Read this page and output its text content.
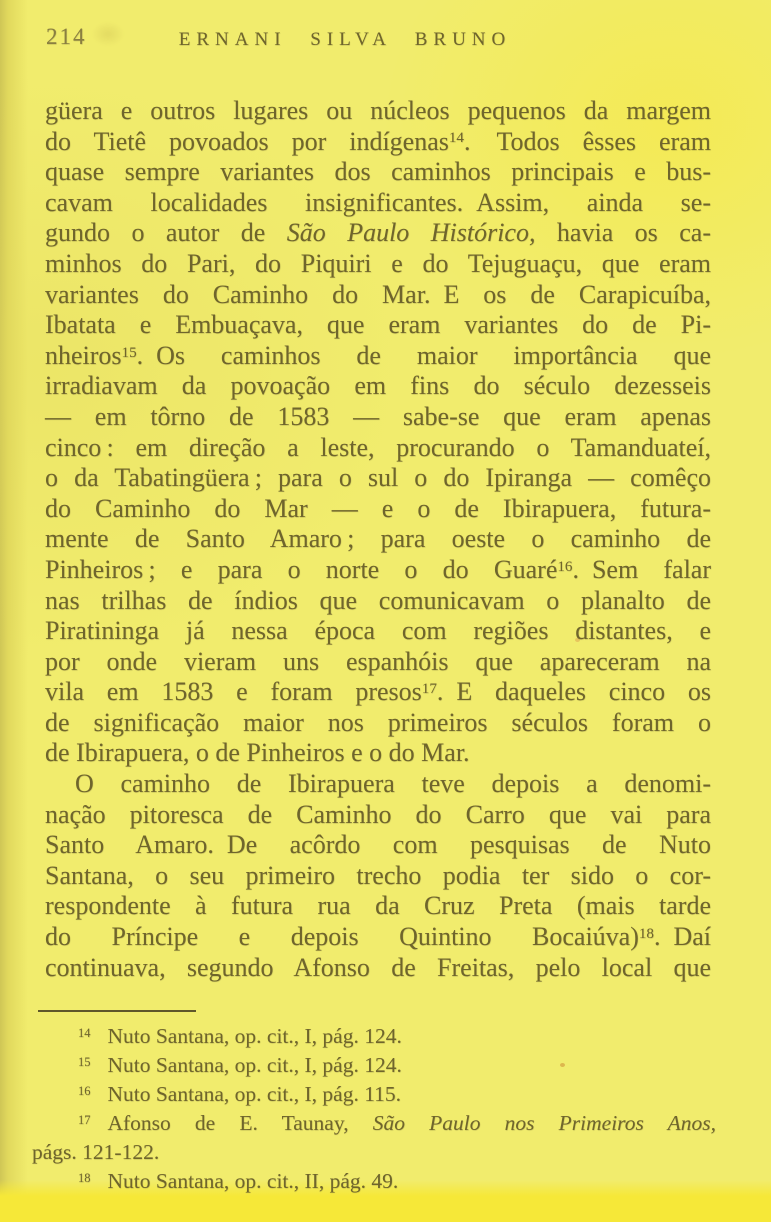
214	ERNANI SILVA BRUNO
güera e outros lugares ou núcleos pequenos da margem
do Tietê povoados por indígenas$^{14}$. Todos êsses eram
quase sempre variantes dos caminhos principais e bus-
cavam localidades insignificantes. Assim, ainda se-
gundo o autor de São Paulo Histórico, havia os ca-
minhos do Pari, do Piquiri e do Tejuguaçu, que eram
variantes do Caminho do Mar. E os de Carapicuíba,
Ibatata e Embuaçava, que eram variantes do de Pi-
nheiros$^{15}$. Os caminhos de maior importância que
irradiavam da povoação em fins do século dezesseis
— em tôrno de 1583 — sabe-se que eram apenas
cinco : em direção a leste, procurando o Tamanduateí,
o da Tabatingüera ; para o sul o do Ipiranga — comêço
do Caminho do Mar — e o de Ibirapuera, futura-
mente de Santo Amaro ; para oeste o caminho de
Pinheiros ; e para o norte o do Guaré$^{16}$. Sem falar
nas trilhas de índios que comunicavam o planalto de
Piratininga já nessa época com regiões distantes, e
por onde vieram uns espanhóis que apareceram na
vila em 1583 e foram presos$^{17}$. E daqueles cinco os
de significação maior nos primeiros séculos foram o
de Ibirapuera, o de Pinheiros e o do Mar.
O caminho de Ibirapuera teve depois a denomi-
nação pitoresca de Caminho do Carro que vai para
Santo Amaro. De acôrdo com pesquisas de Nuto
Santana, o seu primeiro trecho podia ter sido o cor-
respondente à futura rua da Cruz Preta (mais tarde
do Príncipe e depois Quintino Bocaiúva)$^{18}$. Daí
continuava, segundo Afonso de Freitas, pelo local que
$^{14}$ Nuto Santana, op. cit., I, pág. 124.
$^{15}$ Nuto Santana, op. cit., I, pág. 124.
$^{16}$ Nuto Santana, op. cit., I, pág. 115.
$^{17}$ Afonso de E. Taunay, São Paulo nos Primeiros Anos,
págs. 121-122.
$^{18}$ Nuto Santana, op. cit., II, pág. 49.
